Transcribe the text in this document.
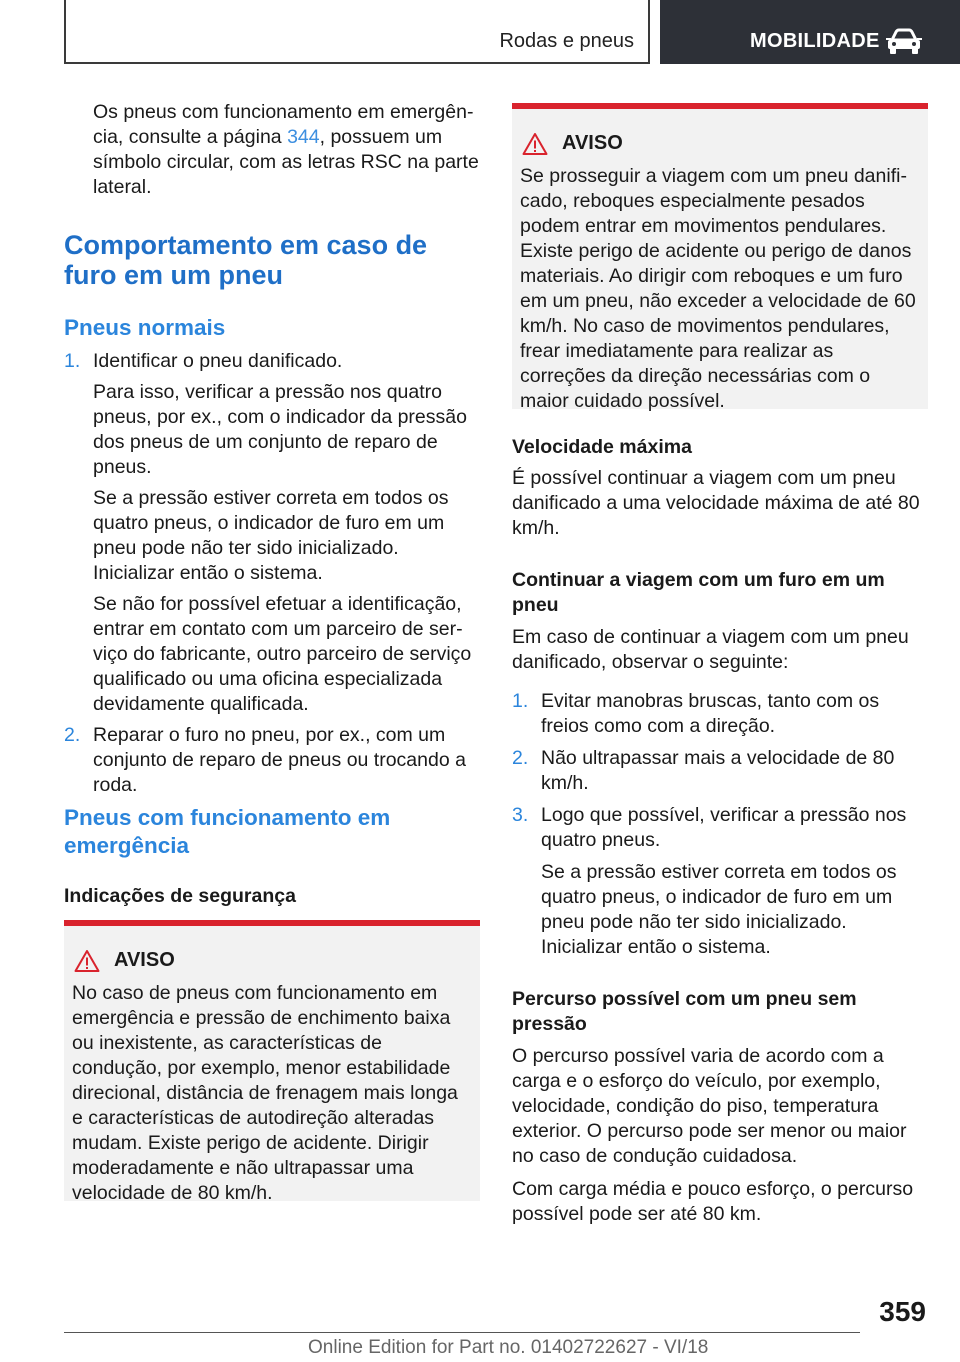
Rodas e pneus	MOBILIDADE

Os pneus com funcionamento em emergência, consulte a página 344, possuem um símbolo circular, com as letras RSC na parte lateral.

Comportamento em caso de furo em um pneu
Pneus normais
1. Identificar o pneu danificado.

Para isso, verificar a pressão nos quatro pneus, por ex., com o indicador da pressão dos pneus de um conjunto de reparo de pneus.

Se a pressão estiver correta em todos os quatro pneus, o indicador de furo em um pneu pode não ter sido inicializado. Inicializar então o sistema.

Se não for possível efetuar a identificação, entrar em contato com um parceiro de serviço do fabricante, outro parceiro de serviço qualificado ou uma oficina especializada devidamente qualificada.

2. Reparar o furo no pneu, por ex., com um conjunto de reparo de pneus ou trocando a roda.

Pneus com funcionamento em emergência
Indicações de segurança
AVISO

No caso de pneus com funcionamento em emergência e pressão de enchimento baixa ou inexistente, as características de condução, por exemplo, menor estabilidade direcional, distância de frenagem mais longa e características de autodireção alteradas mudam. Existe perigo de acidente. Dirigir moderadamente e não ultrapassar uma velocidade de 80 km/h.

AVISO

Se prosseguir a viagem com um pneu danificado, reboques especialmente pesados podem entrar em movimentos pendulares. Existe perigo de acidente ou perigo de danos materiais. Ao dirigir com reboques e um furo em um pneu, não exceder a velocidade de 60 km/h. No caso de movimentos pendulares, frear imediatamente para realizar as correções da direção necessárias com o maior cuidado possível.

Velocidade máxima

É possível continuar a viagem com um pneu danificado a uma velocidade máxima de até 80 km/h.

Continuar a viagem com um furo em um pneu

Em caso de continuar a viagem com um pneu danificado, observar o seguinte:

1. Evitar manobras bruscas, tanto com os freios como com a direção.

2. Não ultrapassar mais a velocidade de 80 km/h.

3. Logo que possível, verificar a pressão nos quatro pneus.

Se a pressão estiver correta em todos os quatro pneus, o indicador de furo em um pneu pode não ter sido inicializado. Inicializar então o sistema.

Percurso possível com um pneu sem pressão

O percurso possível varia de acordo com a carga e o esforço do veículo, por exemplo, velocidade, condição do piso, temperatura exterior. O percurso pode ser menor ou maior no caso de condução cuidadosa.

Com carga média e pouco esforço, o percurso possível pode ser até 80 km.

359
Online Edition for Part no. 01402722627 - VI/18
